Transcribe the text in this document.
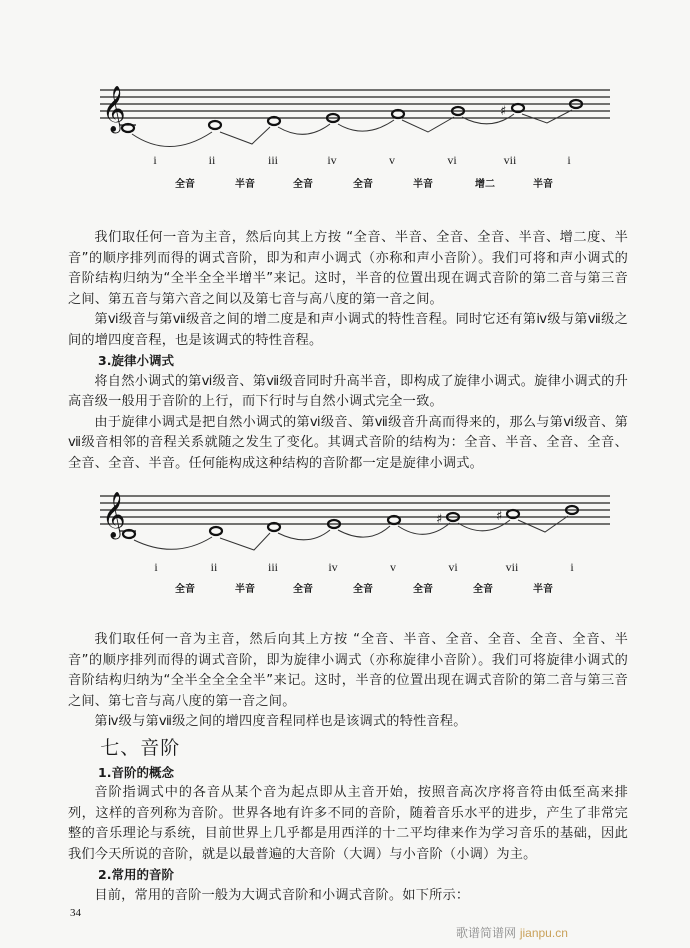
𝄞	♯
i	ii	iii	iv	v	vi	vii	i
全音	半音	全音	全音	半音	增二	半音

我们取任何一音为主音，然后向其上方按 “全音、半音、全音、全音、半音、增二度、半音”的顺序排列而得的调式音阶，即为和声小调式（亦称和声小音阶）。我们可将和声小调式的音阶结构归纳为“全半全全半增半”来记。这时，半音的位置出现在调式音阶的第二音与第三音之间、第五音与第六音之间以及第七音与高八度的第一音之间。

第ⅵ级音与第ⅶ级音之间的增二度是和声小调式的特性音程。同时它还有第ⅳ级与第ⅶ级之间的增四度音程，也是该调式的特性音程。

3.旋律小调式

将自然小调式的第ⅵ级音、第ⅶ级音同时升高半音，即构成了旋律小调式。旋律小调式的升高音级一般用于音阶的上行，而下行时与自然小调式完全一致。

由于旋律小调式是把自然小调式的第ⅵ级音、第ⅶ级音升高而得来的，那么与第ⅵ级音、第ⅶ级音相邻的音程关系就随之发生了变化。其调式音阶的结构为：全音、半音、全音、全音、全音、全音、半音。任何能构成这种结构的音阶都一定是旋律小调式。

𝄞	♯	♯
i	ii	iii	iv	v	vi	vii	i
全音	半音	全音	全音	全音	全音	半音

我们取任何一音为主音，然后向其上方按 “全音、半音、全音、全音、全音、全音、半音”的顺序排列而得的调式音阶，即为旋律小调式（亦称旋律小音阶）。我们可将旋律小调式的音阶结构归纳为“全半全全全全半”来记。这时，半音的位置出现在调式音阶的第二音与第三音之间、第七音与高八度的第一音之间。

第ⅳ级与第ⅶ级之间的增四度音程同样也是该调式的特性音程。

七、音阶

1.音阶的概念

音阶指调式中的各音从某个音为起点即从主音开始，按照音高次序将音符由低至高来排列，这样的音列称为音阶。世界各地有许多不同的音阶，随着音乐水平的进步，产生了非常完整的音乐理论与系统，目前世界上几乎都是用西洋的十二平均律来作为学习音乐的基础，因此我们今天所说的音阶，就是以最普遍的大音阶（大调）与小音阶（小调）为主。

2.常用的音阶

目前，常用的音阶一般为大调式音阶和小调式音阶。如下所示：

34
歌谱简谱网 jianpu.cn
